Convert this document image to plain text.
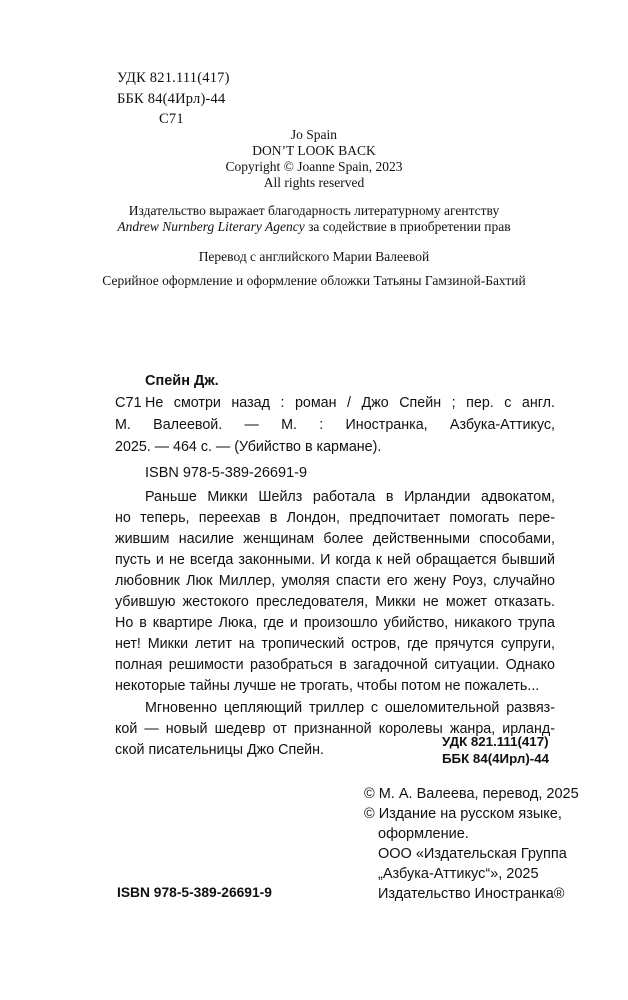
УДК 821.111(417)
ББК 84(4Ирл)-44
С71
Jo Spain
DON’T LOOK BACK
Copyright © Joanne Spain, 2023
All rights reserved
Издательство выражает благодарность литературному агентству
Andrew Nurnberg Literary Agency за содействие в приобретении прав
Перевод с английского Марии Валеевой
Серийное оформление и оформление обложки Татьяны Гамзиной-Бахтий
Спейн Дж.
С71 Не смотри назад : роман / Джо Спейн ; пер. с англ.
М. Валеевой. — М. : Иностранка, Азбука-Аттикус,
2025. — 464 с. — (Убийство в кармане).
ISBN 978-5-389-26691-9
Раньше Микки Шейлз работала в Ирландии адвокатом,
но теперь, переехав в Лондон, предпочитает помогать пере-
жившим насилие женщинам более действенными способами,
пусть и не всегда законными. И когда к ней обращается бывший
любовник Люк Миллер, умоляя спасти его жену Роуз, случайно
убившую жестокого преследователя, Микки не может отказать.
Но в квартире Люка, где и произошло убийство, никакого трупа
нет! Микки летит на тропический остров, где прячутся супруги,
полная решимости разобраться в загадочной ситуации. Однако
некоторые тайны лучше не трогать, чтобы потом не пожалеть...
Мгновенно цепляющий триллер с ошеломительной развяз-
кой — новый шедевр от признанной королевы жанра, ирланд-
ской писательницы Джо Спейн.
УДК 821.111(417)
ББК 84(4Ирл)-44
© М. А. Валеева, перевод, 2025
© Издание на русском языке,
оформление.
ООО «Издательская Группа
„Азбука-Аттикус“», 2025
Издательство Иностранка®
ISBN 978-5-389-26691-9
